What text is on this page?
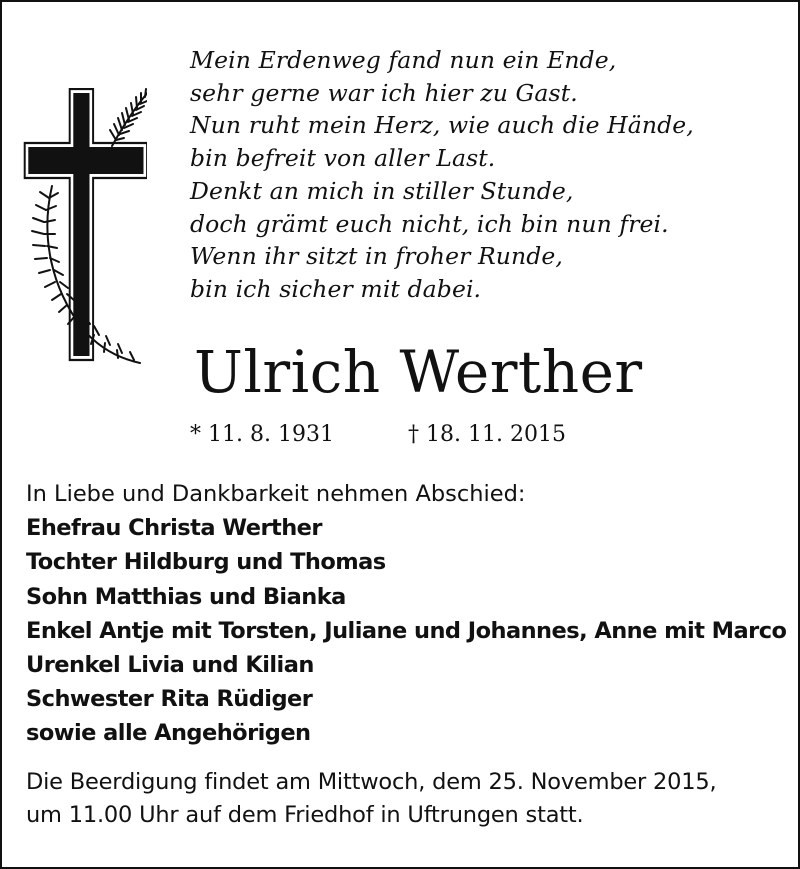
Mein Erdenweg fand nun ein Ende,
sehr gerne war ich hier zu Gast.
Nun ruht mein Herz, wie auch die Hände,
bin befreit von aller Last.
Denkt an mich in stiller Stunde,
doch grämt euch nicht, ich bin nun frei.
Wenn ihr sitzt in froher Runde,
bin ich sicher mit dabei.
Ulrich Werther
* 11. 8. 1931	† 18. 11. 2015
In Liebe und Dankbarkeit nehmen Abschied:
Ehefrau Christa Werther
Tochter Hildburg und Thomas
Sohn Matthias und Bianka
Enkel Antje mit Torsten, Juliane und Johannes, Anne mit Marco
Urenkel Livia und Kilian
Schwester Rita Rüdiger
sowie alle Angehörigen
Die Beerdigung findet am Mittwoch, dem 25. November 2015,
um 11.00 Uhr auf dem Friedhof in Uftrungen statt.
